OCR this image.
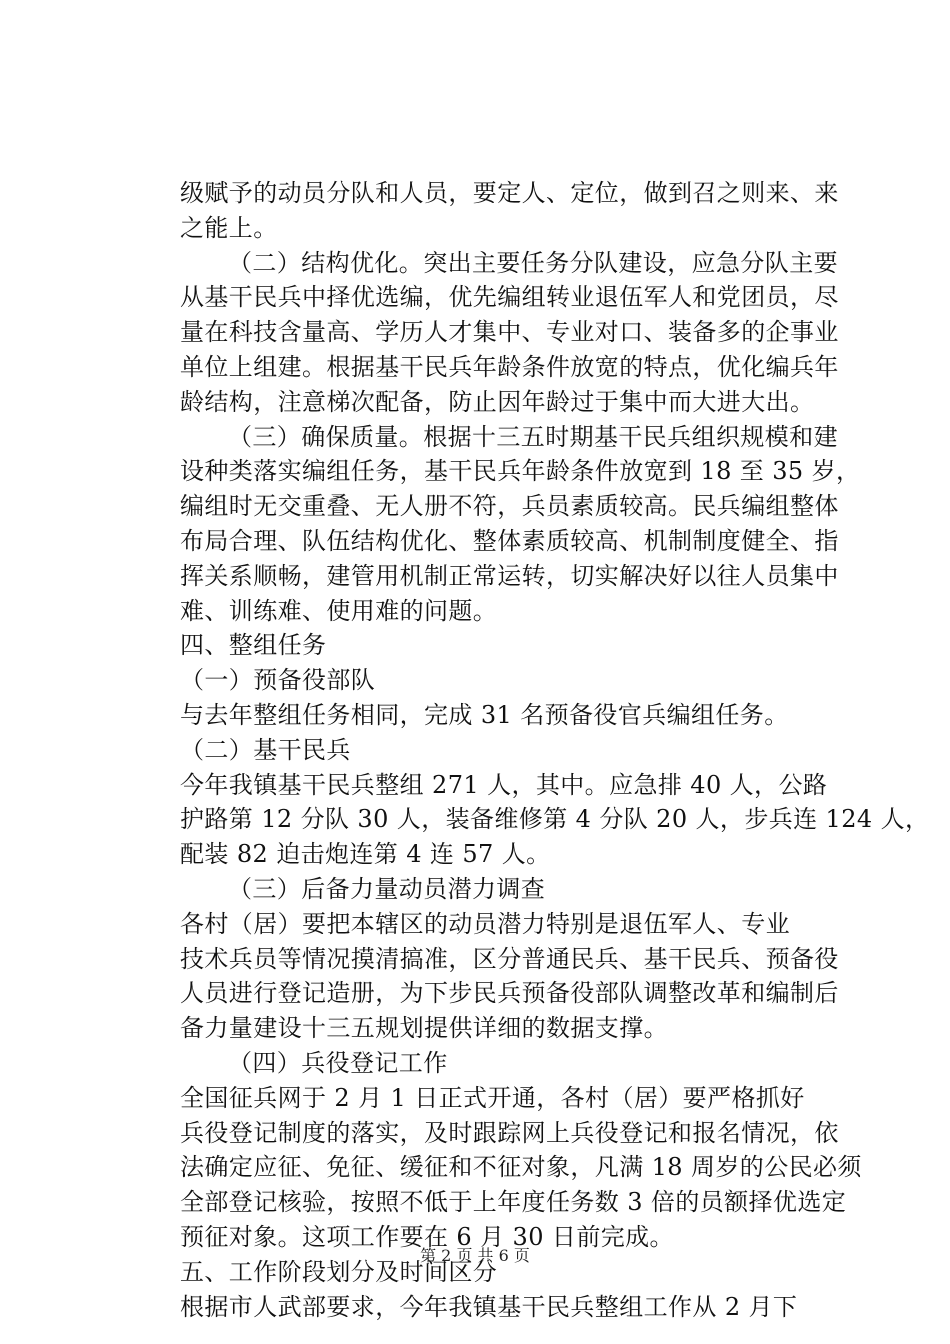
级赋予的动员分队和人员，要定人、定位，做到召之则来、来
之能上。
（二）结构优化。突出主要任务分队建设，应急分队主要
从基干民兵中择优选编，优先编组转业退伍军人和党团员，尽
量在科技含量高、学历人才集中、专业对口、装备多的企事业
单位上组建。根据基干民兵年龄条件放宽的特点，优化编兵年
龄结构，注意梯次配备，防止因年龄过于集中而大进大出。
（三）确保质量。根据十三五时期基干民兵组织规模和建
设种类落实编组任务，基干民兵年龄条件放宽到 18 至 35 岁，
编组时无交重叠、无人册不符，兵员素质较高。民兵编组整体
布局合理、队伍结构优化、整体素质较高、机制制度健全、指
挥关系顺畅，建管用机制正常运转，切实解决好以往人员集中
难、训练难、使用难的问题。
四、整组任务
（一）预备役部队
与去年整组任务相同，完成 31 名预备役官兵编组任务。
（二）基干民兵
今年我镇基干民兵整组 271 人，其中。应急排 40 人，公路
护路第 12 分队 30 人，装备维修第 4 分队 20 人，步兵连 124 人，
配装 82 迫击炮连第 4 连 57 人。
（三）后备力量动员潜力调查
各村（居）要把本辖区的动员潜力特别是退伍军人、专业
技术兵员等情况摸清搞准，区分普通民兵、基干民兵、预备役
人员进行登记造册，为下步民兵预备役部队调整改革和编制后
备力量建设十三五规划提供详细的数据支撑。
（四）兵役登记工作
全国征兵网于 2 月 1 日正式开通，各村（居）要严格抓好
兵役登记制度的落实，及时跟踪网上兵役登记和报名情况，依
法确定应征、免征、缓征和不征对象，凡满 18 周岁的公民必须
全部登记核验，按照不低于上年度任务数 3 倍的员额择优选定
预征对象。这项工作要在 6 月 30 日前完成。
五、工作阶段划分及时间区分
根据市人武部要求，今年我镇基干民兵整组工作从 2 月下
第 2 页 共 6 页
